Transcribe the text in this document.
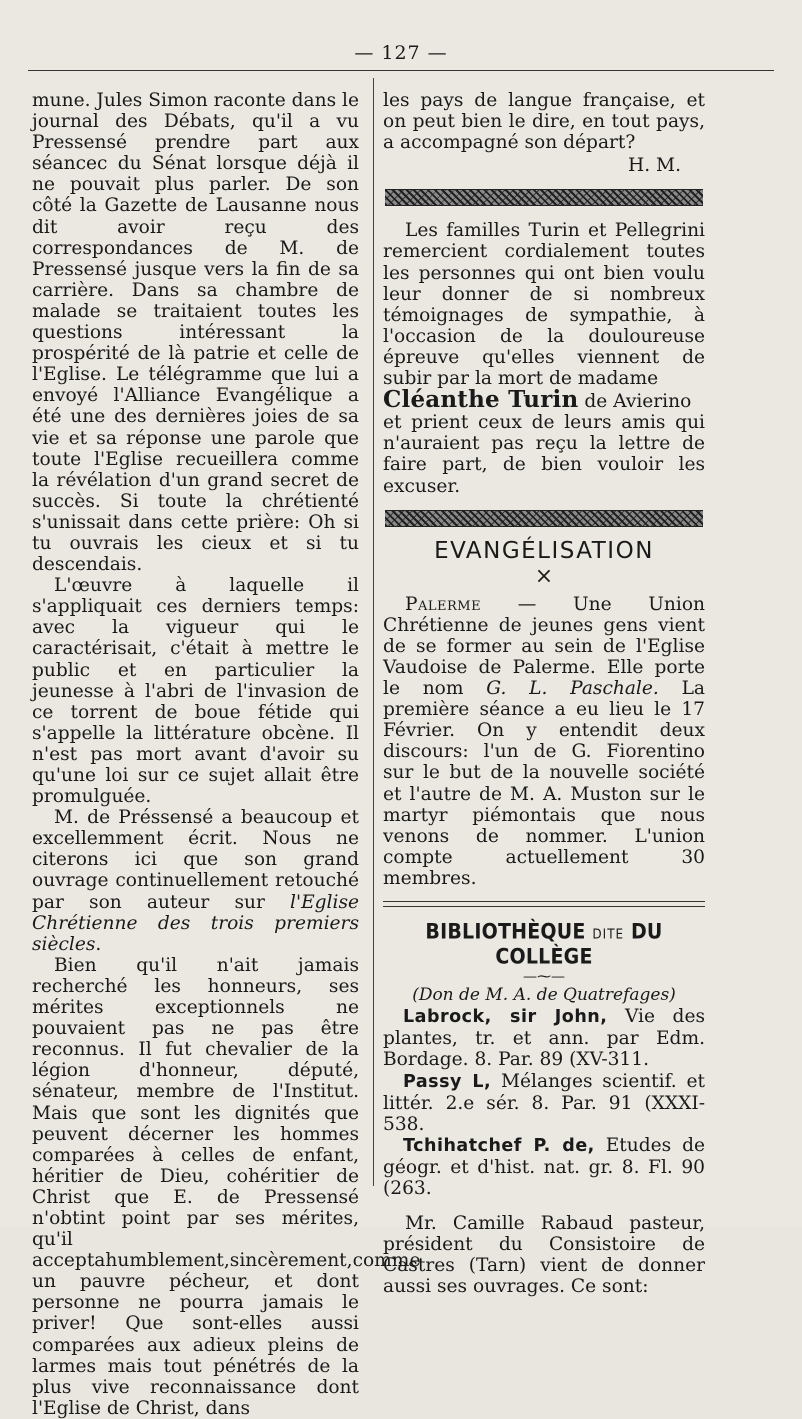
— 127 —

mune. Jules Simon raconte dans le journal des Débats, qu'il a vu Pressensé prendre part aux séancec du Sénat lorsque déjà il ne pouvait plus parler. De son côté la Gazette de Lausanne nous dit avoir reçu des correspondances de M. de Pressensé jusque vers la fin de sa carrière. Dans sa chambre de malade se traitaient toutes les questions intéressant la prospérité de là patrie et celle de l'Eglise. Le télégramme que lui a envoyé l'Alliance Evangélique a été une des dernières joies de sa vie et sa réponse une parole que toute l'Eglise recueillera comme la révélation d'un grand secret de succès. Si toute la chrétienté s'unissait dans cette prière: Oh si tu ouvrais les cieux et si tu descendais.

L'œuvre à laquelle il s'appliquait ces derniers temps: avec la vigueur qui le caractérisait, c'était à mettre le public et en particulier la jeunesse à l'abri de l'invasion de ce torrent de boue fétide qui s'appelle la littérature obcène. Il n'est pas mort avant d'avoir su qu'une loi sur ce sujet allait être promulguée.

M. de Préssensé a beaucoup et excellemment écrit. Nous ne citerons ici que son grand ouvrage continuellement retouché par son auteur sur l'Eglise Chrétienne des trois premiers siècles.

Bien qu'il n'ait jamais recherché les honneurs, ses mérites exceptionnels ne pouvaient pas ne pas être reconnus. Il fut chevalier de la légion d'honneur, député, sénateur, membre de l'Institut. Mais que sont les dignités que peuvent décerner les hommes comparées à celles de enfant, héritier de Dieu, cohéritier de Christ que E. de Pressensé n'obtint point par ses mérites, qu'il acceptahumblement,sincèrement,comme un pauvre pécheur, et dont personne ne pourra jamais le priver! Que sont-elles aussi comparées aux adieux pleins de larmes mais tout pénétrés de la plus vive reconnaissance dont l'Eglise de Christ, dans

les pays de langue française, et on peut bien le dire, en tout pays, a accompagné son départ?

H. M.

Les familles Turin et Pellegrini remercient cordialement toutes les personnes qui ont bien voulu leur donner de si nombreux témoignages de sympathie, à l'occasion de la douloureuse épreuve qu'elles viennent de subir par la mort de madame

Cléanthe Turin de Avierino

et prient ceux de leurs amis qui n'auraient pas reçu la lettre de faire part, de bien vouloir les excuser.

EVANGÉLISATION

×

Palerme — Une Union Chrétienne de jeunes gens vient de se former au sein de l'Eglise Vaudoise de Palerme. Elle porte le nom G. L. Paschale. La première séance a eu lieu le 17 Février. On y entendit deux discours: l'un de G. Fiorentino sur le but de la nouvelle société et l'autre de M. A. Muston sur le martyr piémontais que nous venons de nommer. L'union compte actuellement 30 membres.

BIBLIOTHÈQUE DITE DU COLLÈGE

—⁓—

(Don de M. A. de Quatrefages)

Labrock, sir John, Vie des plantes, tr. et ann. par Edm. Bordage. 8. Par. 89 (XV-311.

Passy L, Mélanges scientif. et littér. 2.e sér. 8. Par. 91 (XXXI-538.

Tchihatchef P. de, Etudes de géogr. et d'hist. nat. gr. 8. Fl. 90 (263.

Mr. Camille Rabaud pasteur, président du Consistoire de Castres (Tarn) vient de donner aussi ses ouvrages. Ce sont:
